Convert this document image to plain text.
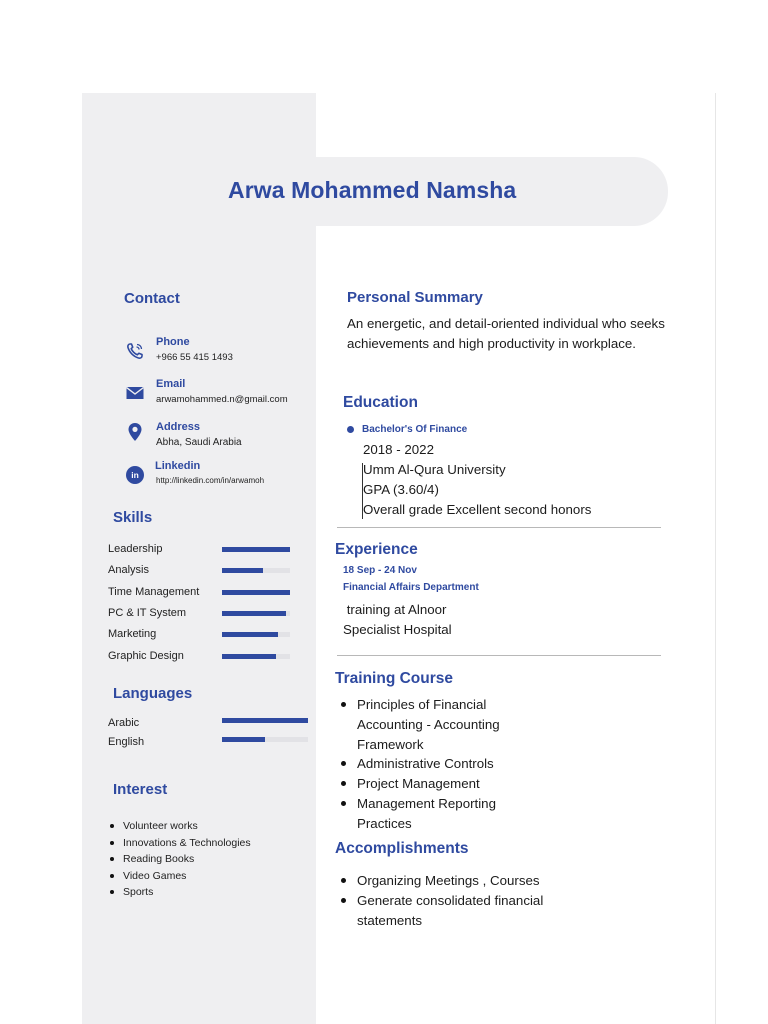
Arwa Mohammed Namsha
Contact
Phone
+966 55 415 1493
Email
arwamohammed.n@gmail.com
Address
Abha, Saudi Arabia
in
Linkedin
http://linkedin.com/in/arwamoh
Skills
Leadership
Analysis
Time Management
PC & IT System
Marketing
Graphic Design
Languages
Arabic
English
Interest
Volunteer works
Innovations & Technologies
Reading Books
Video Games
Sports
Personal Summary
An energetic, and detail-oriented individual who seeks achievements and high productivity in workplace.
Education
Bachelor's Of Finance
2018 - 2022
Umm Al-Qura University
GPA (3.60/4)
Overall grade Excellent second honors
Experience
18 Sep - 24 Nov
Financial Affairs Department
training at Alnoor
Specialist Hospital
Training Course
Principles of Financial Accounting - Accounting Framework
Administrative Controls
Project Management
Management Reporting Practices
Accomplishments
Organizing Meetings , Courses
Generate consolidated financial statements
